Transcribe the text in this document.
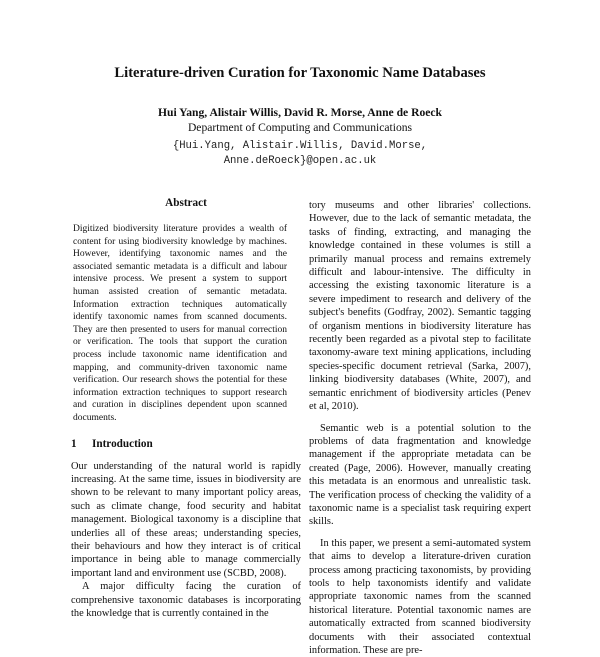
Literature-driven Curation for Taxonomic Name Databases
Hui Yang, Alistair Willis, David R. Morse, Anne de Roeck
Department of Computing and Communications
{Hui.Yang, Alistair.Willis, David.Morse,
Anne.deRoeck}@open.ac.uk
Abstract

Digitized biodiversity literature provides a wealth of content for using biodiversity knowledge by machines. However, identifying taxonomic names and the associated semantic metadata is a difficult and labour intensive process. We present a system to support human assisted creation of semantic metadata. Information extraction techniques automatically identify taxonomic names from scanned documents. They are then presented to users for manual correction or verification. The tools that support the curation process include taxonomic name identification and mapping, and community-driven taxonomic name verification. Our research shows the potential for these information extraction techniques to support research and curation in disciplines dependent upon scanned documents.

1 Introduction

Our understanding of the natural world is rapidly increasing. At the same time, issues in biodiversity are shown to be relevant to many important policy areas, such as climate change, food security and habitat management. Biological taxonomy is a discipline that underlies all of these areas; understanding species, their behaviours and how they interact is of critical importance in being able to manage commercially important land and environment use (SCBD, 2008).

A major difficulty facing the curation of comprehensive taxonomic databases is incorporating the knowledge that is currently contained in the

tory museums and other libraries' collections. However, due to the lack of semantic metadata, the tasks of finding, extracting, and managing the knowledge contained in these volumes is still a primarily manual process and remains extremely difficult and labour-intensive. The difficulty in accessing the existing taxonomic literature is a severe impediment to research and delivery of the subject's benefits (Godfray, 2002). Semantic tagging of organism mentions in biodiversity literature has recently been regarded as a pivotal step to facilitate taxonomy-aware text mining applications, including species-specific document retrieval (Sarka, 2007), linking biodiversity databases (White, 2007), and semantic enrichment of biodiversity articles (Penev et al, 2010).

Semantic web is a potential solution to the problems of data fragmentation and knowledge management if the appropriate metadata can be created (Page, 2006). However, manually creating this metadata is an enormous and unrealistic task. The verification process of checking the validity of a taxonomic name is a specialist task requiring expert skills.

In this paper, we present a semi-automated system that aims to develop a literature-driven curation process among practicing taxonomists, by providing tools to help taxonomists identify and validate appropriate taxonomic names from the scanned historical literature. Potential taxonomic names are automatically extracted from scanned biodiversity documents with their associated contextual information. These are pre-
